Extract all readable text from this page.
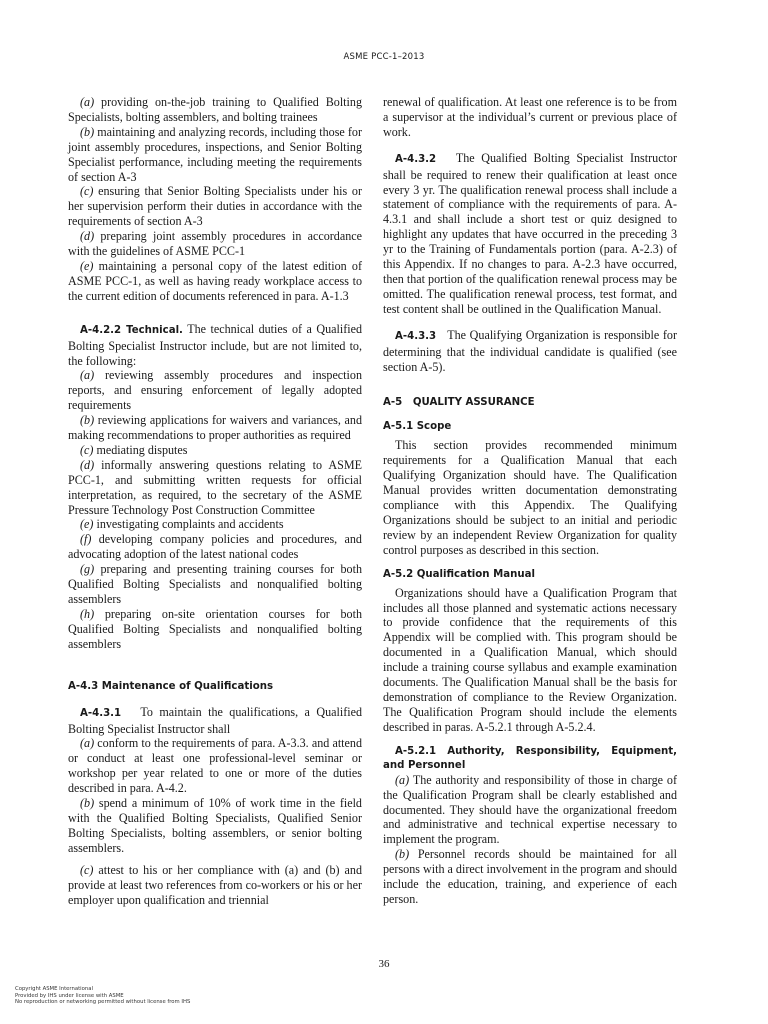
ASME PCC-1–2013

(a) providing on-the-job training to Qualified Bolting Specialists, bolting assemblers, and bolting trainees

(b) maintaining and analyzing records, including those for joint assembly procedures, inspections, and Senior Bolting Specialist performance, including meeting the requirements of section A-3

(c) ensuring that Senior Bolting Specialists under his or her supervision perform their duties in accordance with the requirements of section A-3

(d) preparing joint assembly procedures in accordance with the guidelines of ASME PCC-1

(e) maintaining a personal copy of the latest edition of ASME PCC-1, as well as having ready workplace access to the current edition of documents referenced in para. A-1.3

A-4.2.2 Technical. The technical duties of a Qualified Bolting Specialist Instructor include, but are not limited to, the following:

(a) reviewing assembly procedures and inspection reports, and ensuring enforcement of legally adopted requirements

(b) reviewing applications for waivers and variances, and making recommendations to proper authorities as required

(c) mediating disputes

(d) informally answering questions relating to ASME PCC-1, and submitting written requests for official interpretation, as required, to the secretary of the ASME Pressure Technology Post Construction Committee

(e) investigating complaints and accidents

(f) developing company policies and procedures, and advocating adoption of the latest national codes

(g) preparing and presenting training courses for both Qualified Bolting Specialists and nonqualified bolting assemblers

(h) preparing on-site orientation courses for both Qualified Bolting Specialists and nonqualified bolting assemblers

A-4.3 Maintenance of Qualifications

A-4.3.1 To maintain the qualifications, a Qualified Bolting Specialist Instructor shall

(a) conform to the requirements of para. A-3.3. and attend or conduct at least one professional-level seminar or workshop per year related to one or more of the duties described in para. A-4.2.

(b) spend a minimum of 10% of work time in the field with the Qualified Bolting Specialists, Qualified Senior Bolting Specialists, bolting assemblers, or senior bolting assemblers.

(c) attest to his or her compliance with (a) and (b) and provide at least two references from co-workers or his or her employer upon qualification and triennial

renewal of qualification. At least one reference is to be from a supervisor at the individual’s current or previous place of work.

A-4.3.2 The Qualified Bolting Specialist Instructor shall be required to renew their qualification at least once every 3 yr. The qualification renewal process shall include a statement of compliance with the requirements of para. A-4.3.1 and shall include a short test or quiz designed to highlight any updates that have occurred in the preceding 3 yr to the Training of Fundamentals portion (para. A-2.3) of this Appendix. If no changes to para. A-2.3 have occurred, then that portion of the qualification renewal process may be omitted. The qualification renewal process, test format, and test content shall be outlined in the Qualification Manual.

A-4.3.3 The Qualifying Organization is responsible for determining that the individual candidate is qualified (see section A-5).

A-5   QUALITY ASSURANCE

A-5.1 Scope

This section provides recommended minimum requirements for a Qualification Manual that each Qualifying Organization should have. The Qualification Manual provides written documentation demonstrating compliance with this Appendix. The Qualifying Organizations should be subject to an initial and periodic review by an independent Review Organization for quality control purposes as described in this section.

A-5.2 Qualification Manual

Organizations should have a Qualification Program that includes all those planned and systematic actions necessary to provide confidence that the requirements of this Appendix will be complied with. This program should be documented in a Qualification Manual, which should include a training course syllabus and example examination documents. The Qualification Manual shall be the basis for demonstration of compliance to the Review Organization. The Qualification Program should include the elements described in paras. A-5.2.1 through A-5.2.4.

A-5.2.1 Authority, Responsibility, Equipment, and Personnel

(a) The authority and responsibility of those in charge of the Qualification Program shall be clearly established and documented. They should have the organizational freedom and administrative and technical expertise necessary to implement the program.

(b) Personnel records should be maintained for all persons with a direct involvement in the program and should include the education, training, and experience of each person.

36
Copyright ASME International
Provided by IHS under license with ASME
No reproduction or networking permitted without license from IHS
